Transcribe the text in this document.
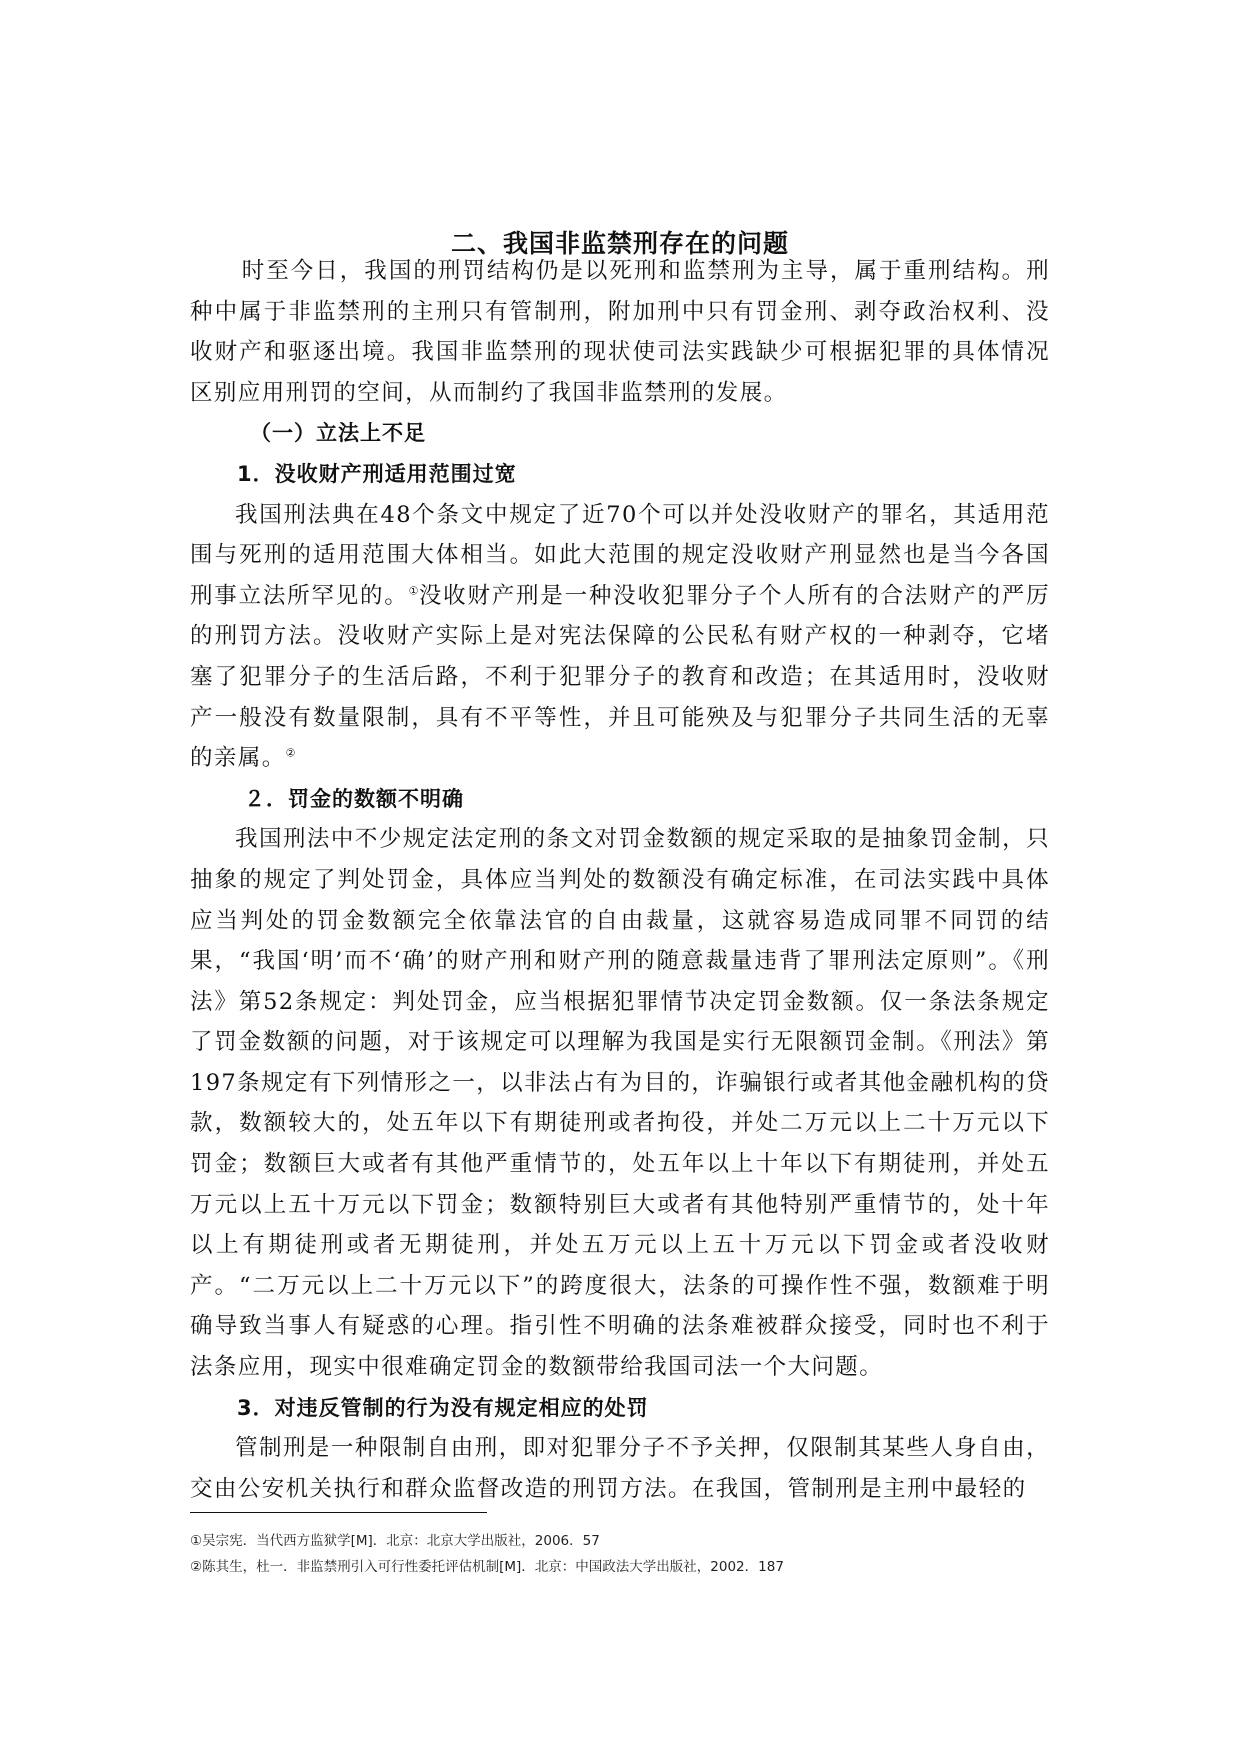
二、我国非监禁刑存在的问题

时至今日，我国的刑罚结构仍是以死刑和监禁刑为主导，属于重刑结构。刑种中属于非监禁刑的主刑只有管制刑，附加刑中只有罚金刑、剥夺政治权利、没收财产和驱逐出境。我国非监禁刑的现状使司法实践缺少可根据犯罪的具体情况区别应用刑罚的空间，从而制约了我国非监禁刑的发展。

（一）立法上不足
1．没收财产刑适用范围过宽

我国刑法典在48个条文中规定了近70个可以并处没收财产的罪名，其适用范围与死刑的适用范围大体相当。如此大范围的规定没收财产刑显然也是当今各国刑事立法所罕见的。①没收财产刑是一种没收犯罪分子个人所有的合法财产的严厉的刑罚方法。没收财产实际上是对宪法保障的公民私有财产权的一种剥夺，它堵塞了犯罪分子的生活后路，不利于犯罪分子的教育和改造；在其适用时，没收财产一般没有数量限制，具有不平等性，并且可能殃及与犯罪分子共同生活的无辜的亲属。②

２．罚金的数额不明确

我国刑法中不少规定法定刑的条文对罚金数额的规定采取的是抽象罚金制，只抽象的规定了判处罚金，具体应当判处的数额没有确定标准，在司法实践中具体应当判处的罚金数额完全依靠法官的自由裁量，这就容易造成同罪不同罚的结果，“我国‘明’而不‘确’的财产刑和财产刑的随意裁量违背了罪刑法定原则”。《刑法》第52条规定：判处罚金，应当根据犯罪情节决定罚金数额。仅一条法条规定了罚金数额的问题，对于该规定可以理解为我国是实行无限额罚金制。《刑法》第197条规定有下列情形之一，以非法占有为目的，诈骗银行或者其他金融机构的贷款，数额较大的，处五年以下有期徒刑或者拘役，并处二万元以上二十万元以下罚金；数额巨大或者有其他严重情节的，处五年以上十年以下有期徒刑，并处五万元以上五十万元以下罚金；数额特别巨大或者有其他特别严重情节的，处十年以上有期徒刑或者无期徒刑，并处五万元以上五十万元以下罚金或者没收财产。“二万元以上二十万元以下”的跨度很大，法条的可操作性不强，数额难于明确导致当事人有疑惑的心理。指引性不明确的法条难被群众接受，同时也不利于法条应用，现实中很难确定罚金的数额带给我国司法一个大问题。

3．对违反管制的行为没有规定相应的处罚

管制刑是一种限制自由刑，即对犯罪分子不予关押，仅限制其某些人身自由，交由公安机关执行和群众监督改造的刑罚方法。在我国，管制刑是主刑中最轻的

①吴宗宪．当代西方监狱学[M]．北京：北京大学出版社，2006．57
②陈其生，杜一．非监禁刑引入可行性委托评估机制[M]．北京：中国政法大学出版社，2002．187
